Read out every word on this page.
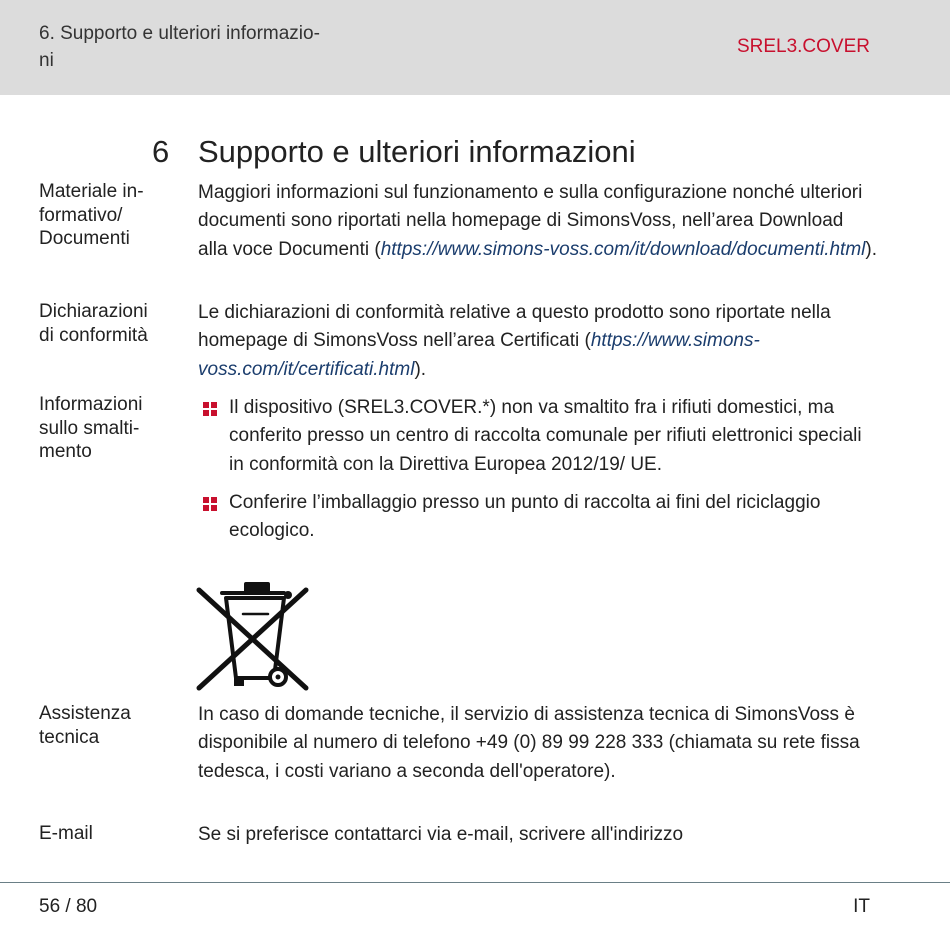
6. Supporto e ulteriori informazio-
ni
SREL3.COVER
6 Supporto e ulteriori informazioni
Materiale in-
formativo/
Documenti
Maggiori informazioni sul funzionamento e sulla configurazione nonché ulteriori documenti sono riportati nella homepage di SimonsVoss, nell’area Download alla voce Documenti (https://www.simons-voss.com/it/download/documenti.html).
Dichiarazioni
di conformità
Le dichiarazioni di conformità relative a questo prodotto sono riportate nella homepage di SimonsVoss nell’area Certificati (https://www.simons-voss.com/it/certificati.html).
Informazioni
sullo smalti-
mento
Il dispositivo (SREL3.COVER.*) non va smaltito fra i rifiuti domestici, ma conferito presso un centro di raccolta comunale per rifiuti elettronici speciali in conformità con la Direttiva Europea 2012/19/ UE.
Conferire l’imballaggio presso un punto di raccolta ai fini del riciclaggio ecologico.
Assistenza
tecnica
In caso di domande tecniche, il servizio di assistenza tecnica di SimonsVoss è disponibile al numero di telefono +49 (0) 89 99 228 333 (chiamata su rete fissa tedesca, i costi variano a seconda dell'operatore).
E-mail	Se si preferisce contattarci via e-mail, scrivere all'indirizzo
56 / 80	IT
